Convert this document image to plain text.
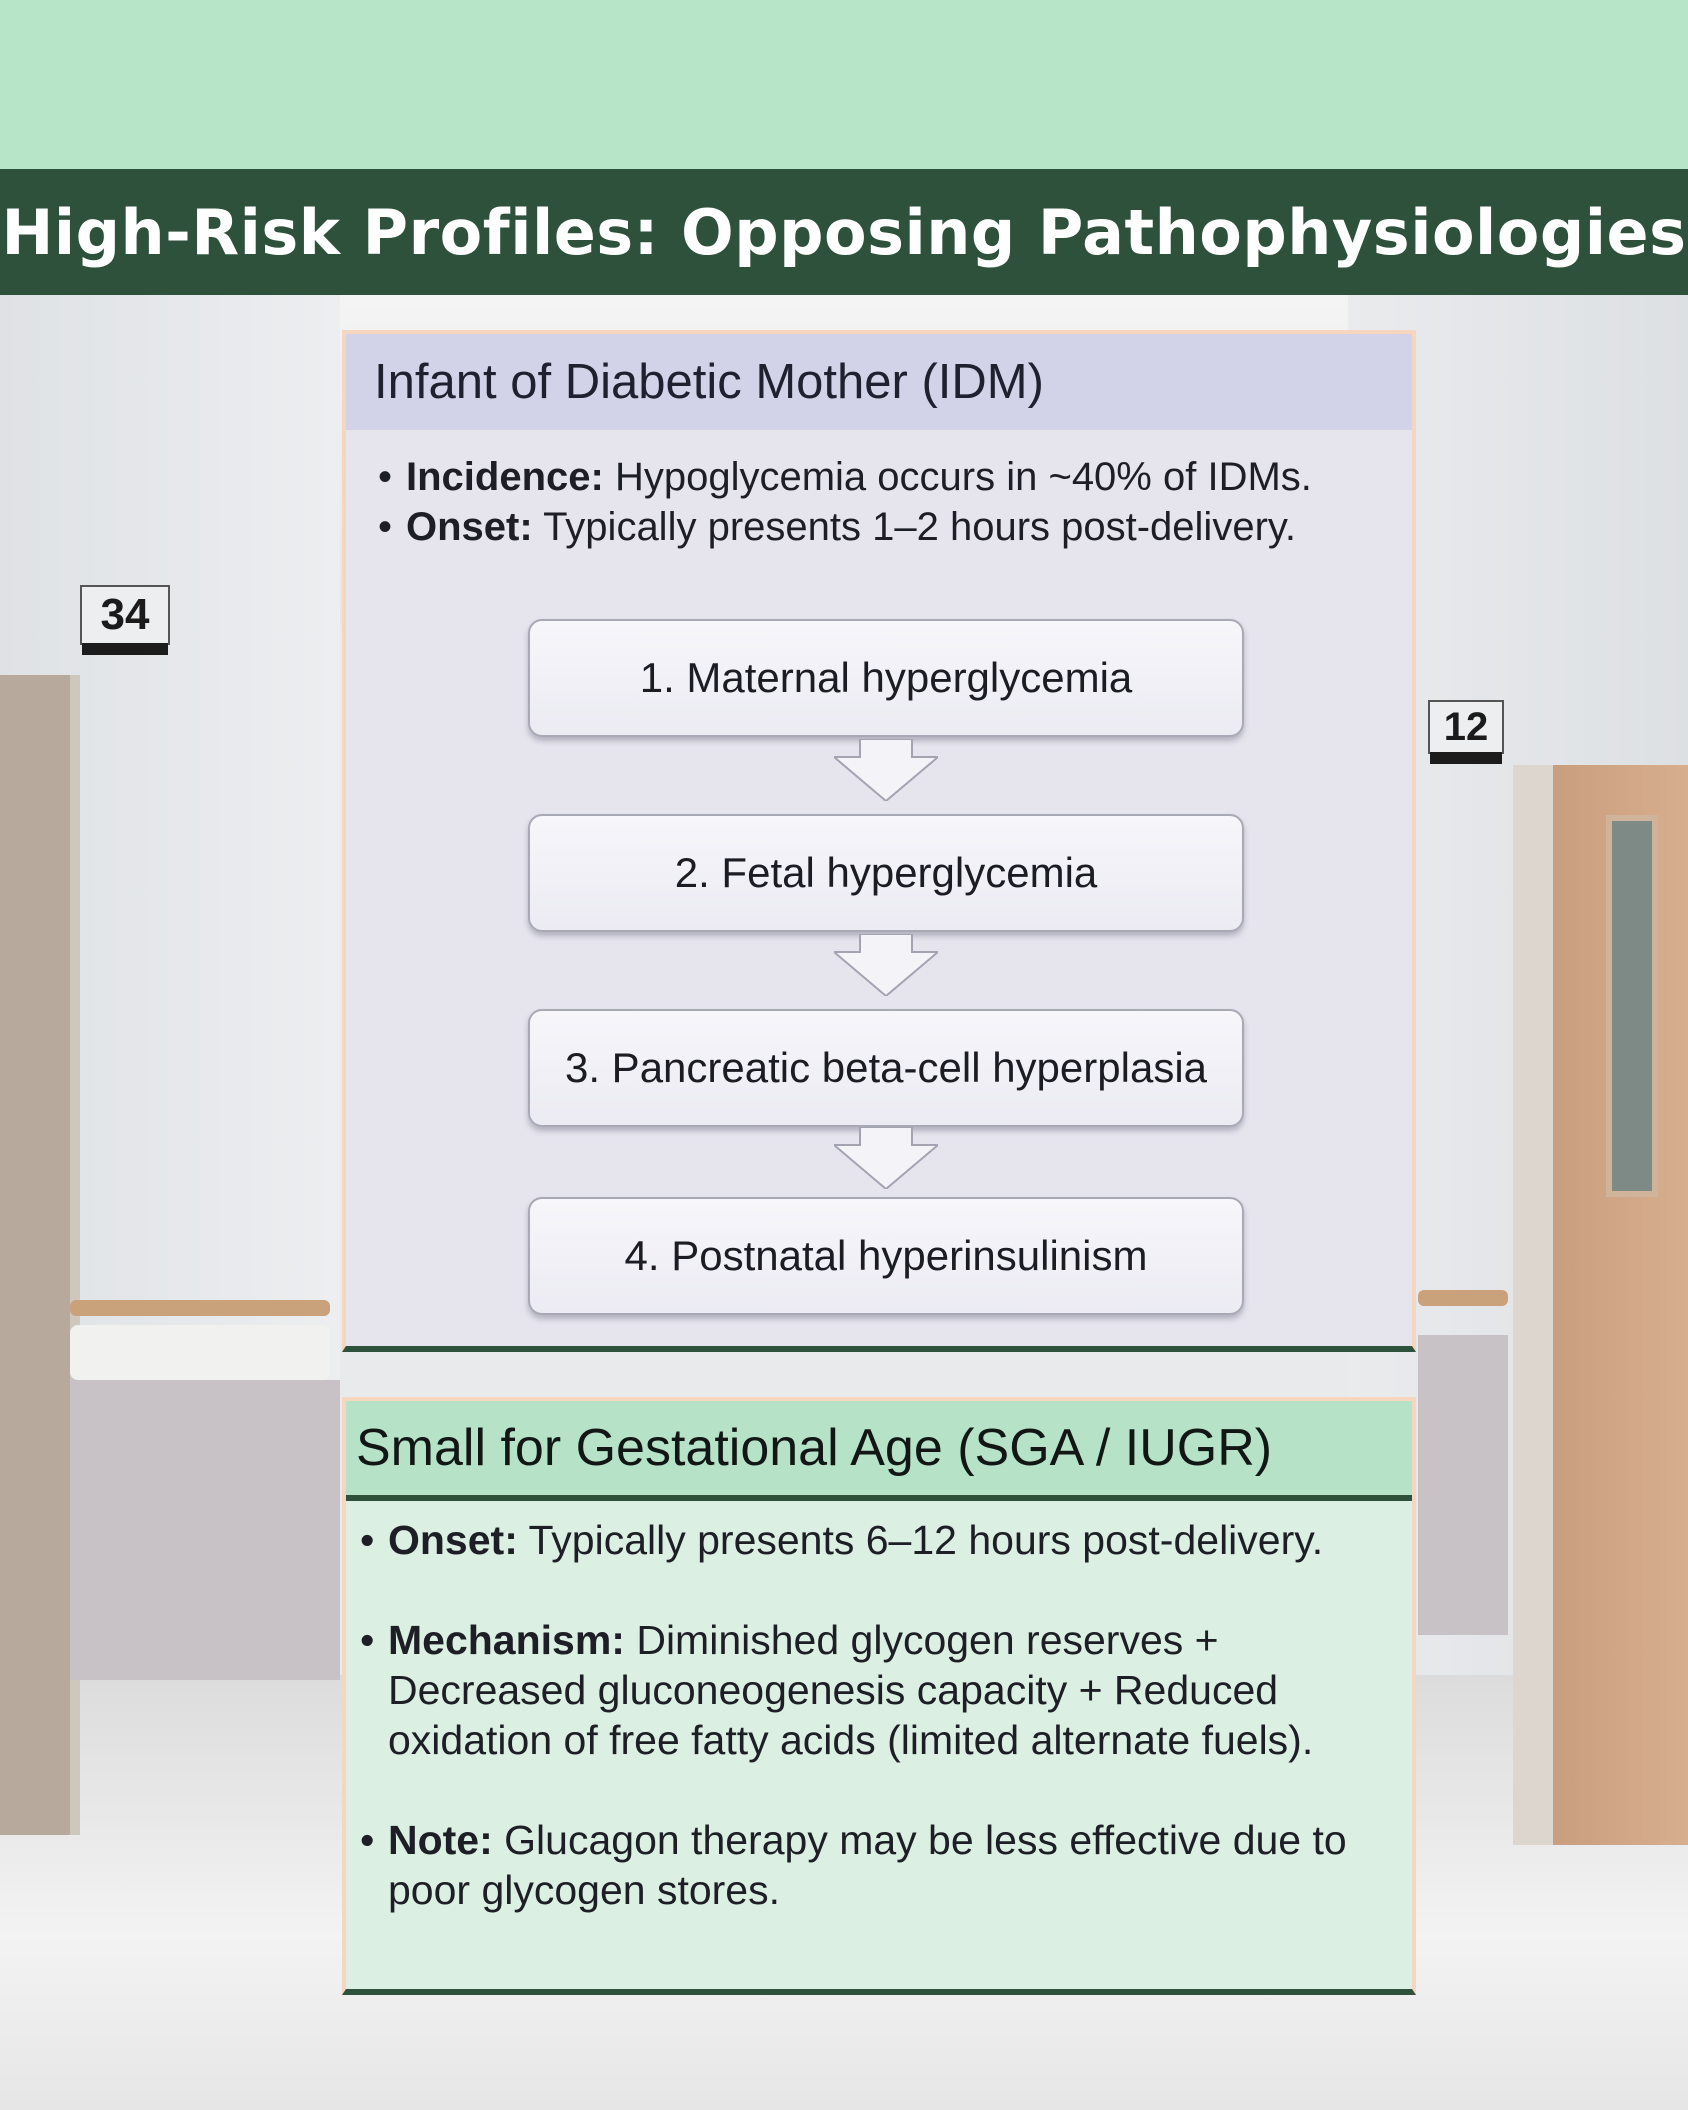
High-Risk Profiles: Opposing Pathophysiologies
34
12
Infant of Diabetic Mother (IDM)
• Incidence: Hypoglycemia occurs in ~40% of IDMs.
• Onset: Typically presents 1–2 hours post-delivery.
1. Maternal hyperglycemia
2. Fetal hyperglycemia
3. Pancreatic beta-cell hyperplasia
4. Postnatal hyperinsulinism
Small for Gestational Age (SGA / IUGR)
• Onset: Typically presents 6–12 hours post-delivery.
• Mechanism: Diminished glycogen reserves + Decreased gluconeogenesis capacity + Reduced oxidation of free fatty acids (limited alternate fuels).
• Note: Glucagon therapy may be less effective due to poor glycogen stores.
